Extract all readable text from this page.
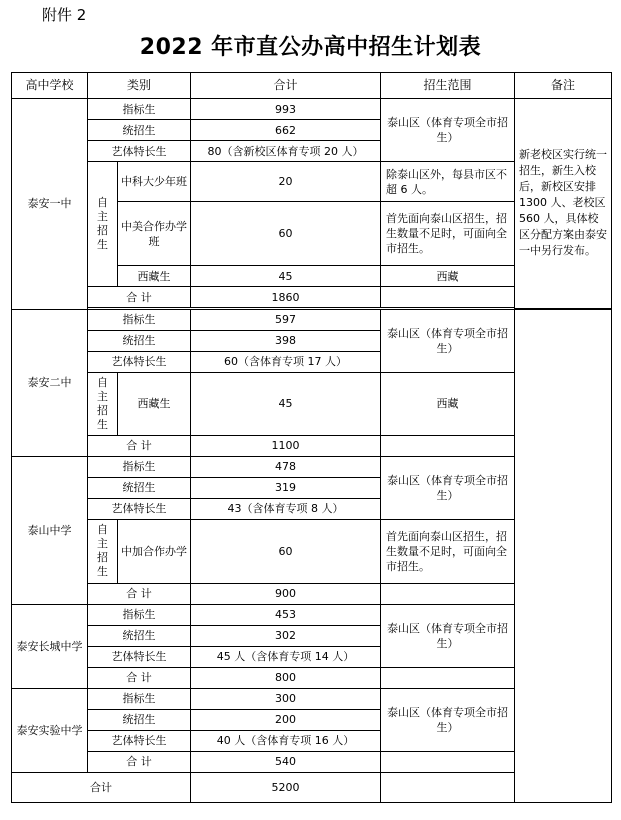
附件 2
2022 年市直公办高中招生计划表
高中学校	类别		合计	招生范围	备注
泰安一中	指标生		993	泰山区（体育专项全市招生）	新老校区实行统一招生，新生入校后，新校区安排 1300 人、老校区 560 人，具体校区分配方案由泰安一中另行发布。
	统招生		662		
	艺体特长生		80（含新校区体育专项 20 人）		
	自主招生	中科大少年班	20	除泰山区外，每县市区不超 6 人。	
		中美合作办学班	60	首先面向泰山区招生，招生数量不足时，可面向全市招生。	
		西藏生	45	西藏	
	合 计		1860		

泰安二中	指标生		597	泰山区（体育专项全市招生）	
	统招生		398		
	艺体特长生		60（含体育专项 17 人）		
	自主招生	西藏生	45	西藏	
	合 计		1100		
泰山中学	指标生		478	泰山区（体育专项全市招生）	
	统招生		319		
	艺体特长生		43（含体育专项 8 人）		
	自主招生	中加合作办学	60	首先面向泰山区招生，招生数量不足时，可面向全市招生。	
	合 计		900		
泰安长城中学	指标生		453	泰山区（体育专项全市招生）	
	统招生		302		
	艺体特长生		45 人（含体育专项 14 人）		
	合 计		800		
泰安实验中学	指标生		300	泰山区（体育专项全市招生）	
	统招生		200		
	艺体特长生		40 人（含体育专项 16 人）		
	合 计		540		
合计			5200		
